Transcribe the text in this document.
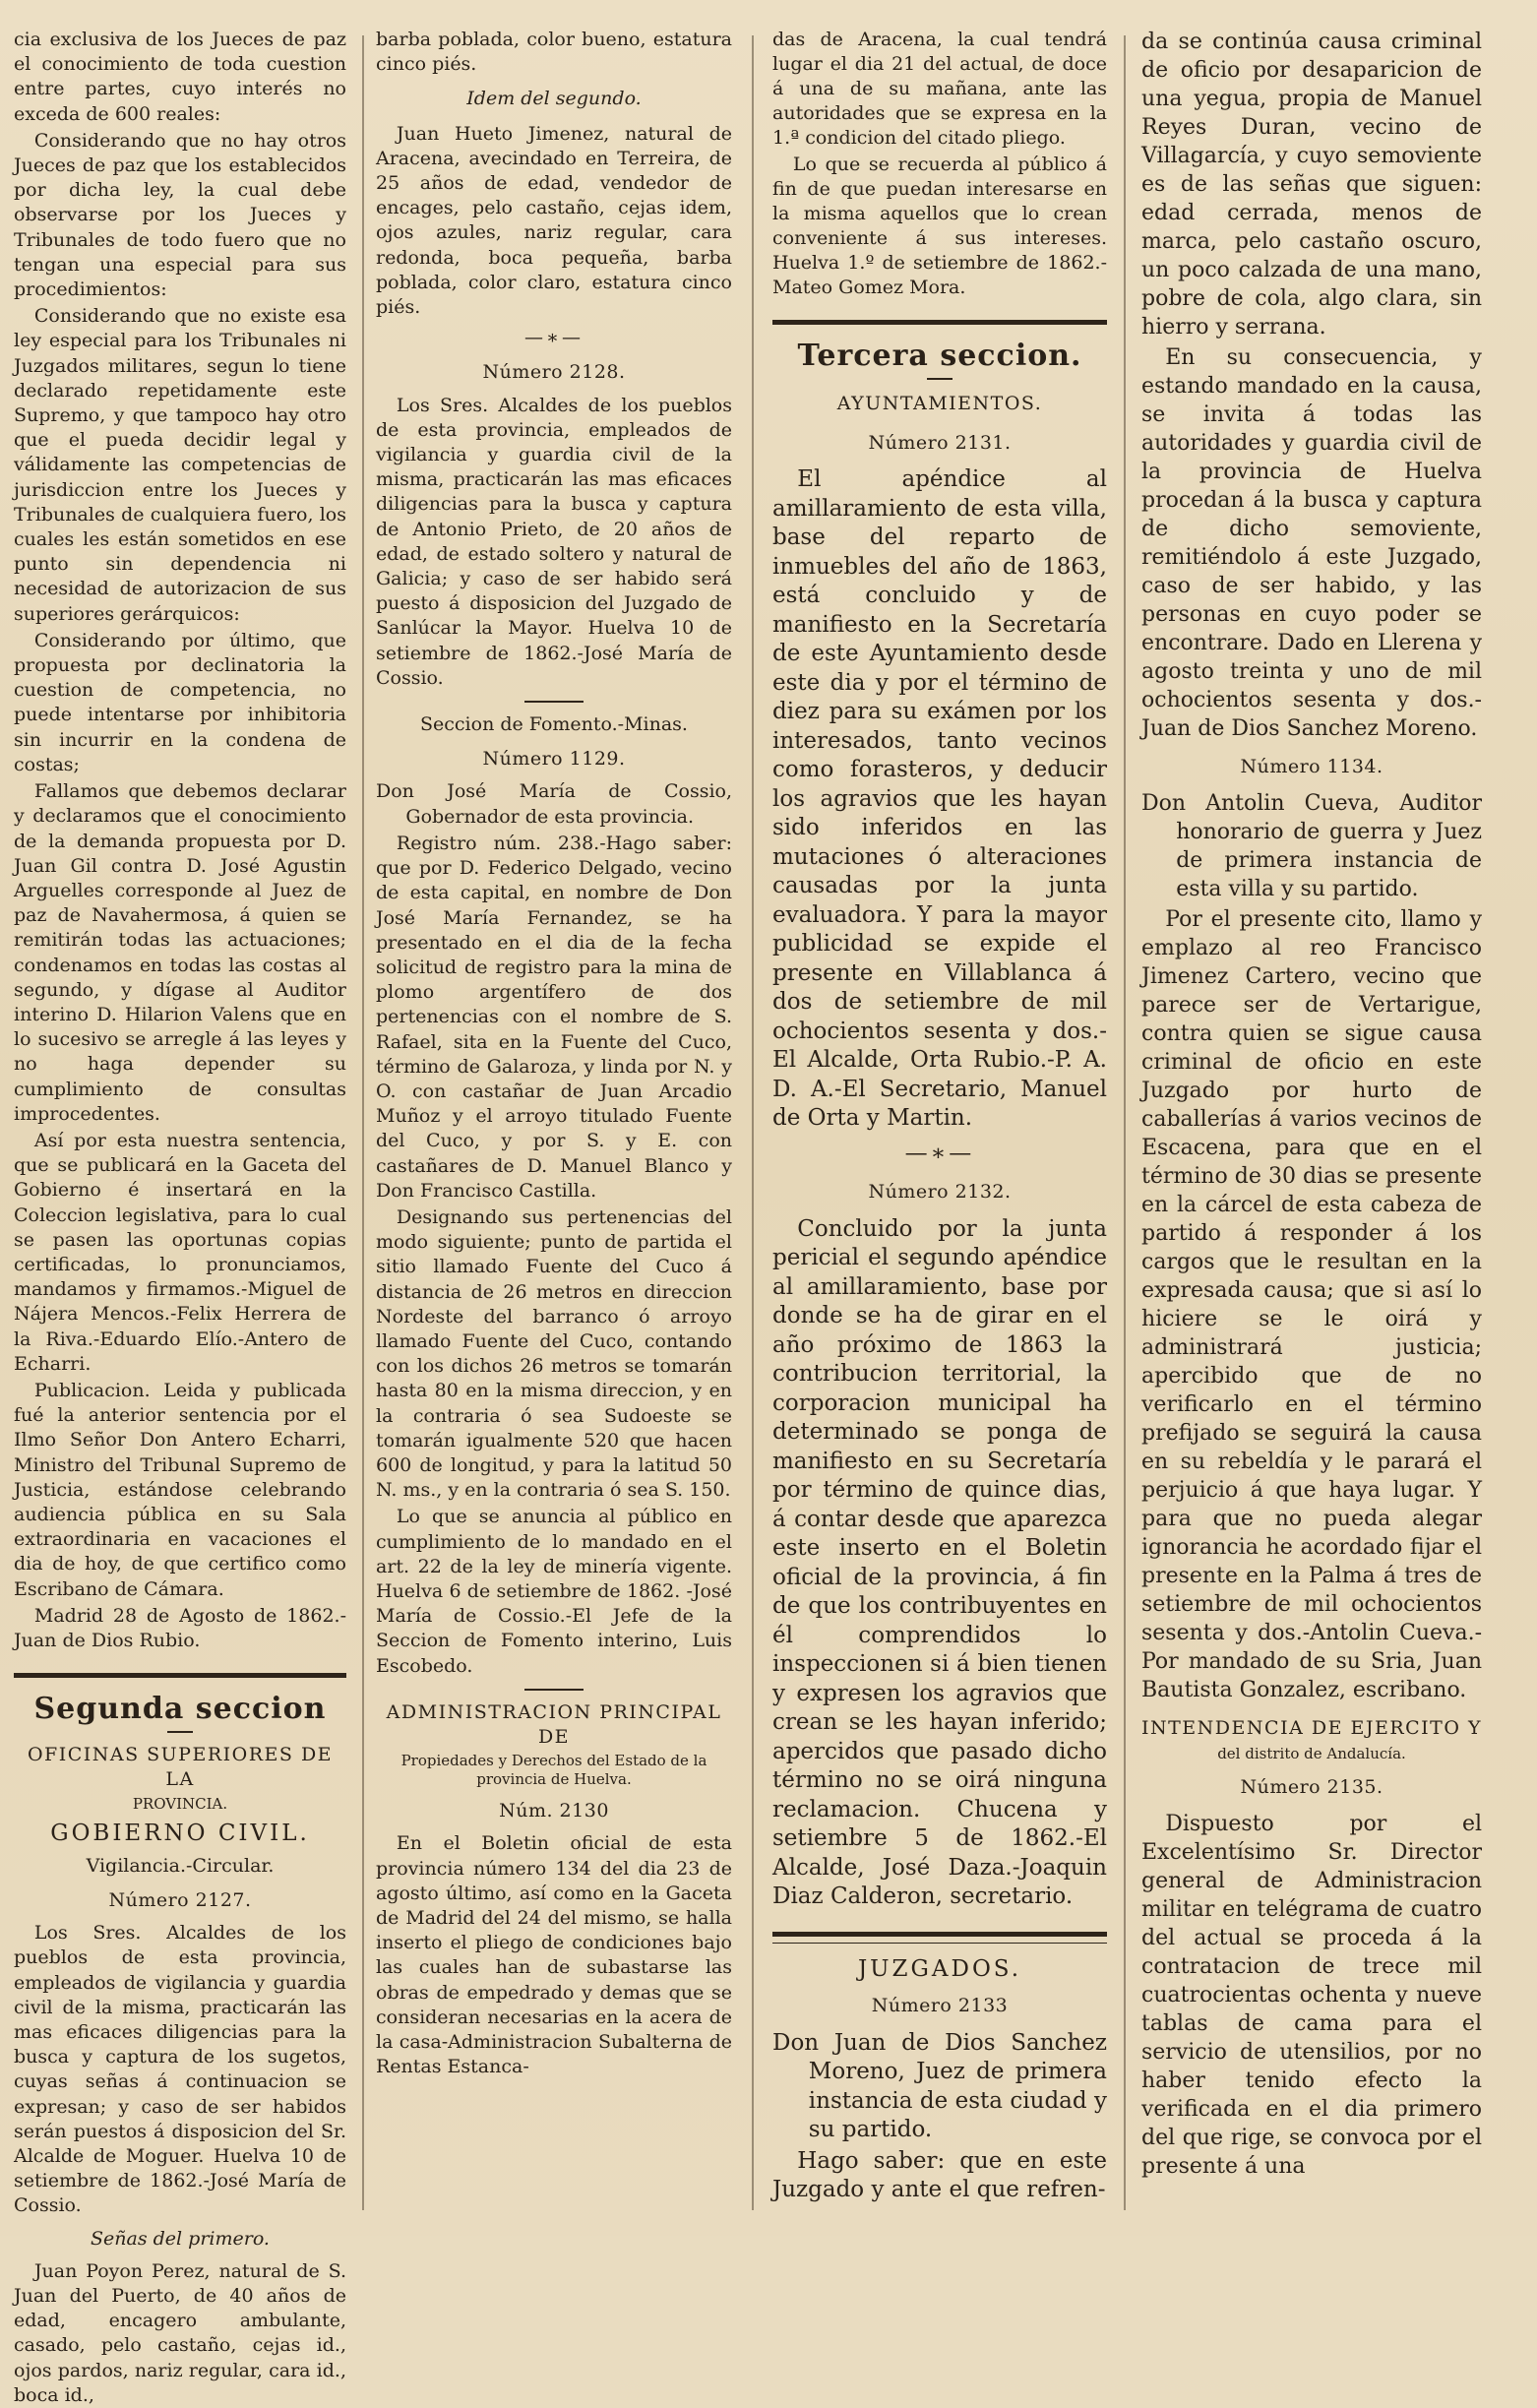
cia exclusiva de los Jueces de paz el conocimiento de toda cuestion entre partes, cuyo interés no exceda de 600 reales:

Considerando que no hay otros Jueces de paz que los establecidos por dicha ley, la cual debe observarse por los Jueces y Tribunales de todo fuero que no tengan una especial para sus procedimientos:

Considerando que no existe esa ley especial para los Tribunales ni Juzgados militares, segun lo tiene declarado repetidamente este Supremo, y que tampoco hay otro que el pueda decidir legal y válidamente las competencias de jurisdiccion entre los Jueces y Tribunales de cualquiera fuero, los cuales les están sometidos en ese punto sin dependencia ni necesidad de autorizacion de sus superiores gerárquicos:

Considerando por último, que propuesta por declinatoria la cuestion de competencia, no puede intentarse por inhibitoria sin incurrir en la condena de costas;

Fallamos que debemos declarar y declaramos que el conocimiento de la demanda propuesta por D. Juan Gil contra D. José Agustin Arguelles corresponde al Juez de paz de Navahermosa, á quien se remitirán todas las actuaciones; condenamos en todas las costas al segundo, y dígase al Auditor interino D. Hilarion Valens que en lo sucesivo se arregle á las leyes y no haga depender su cumplimiento de consultas improcedentes.

Así por esta nuestra sentencia, que se publicará en la Gaceta del Gobierno é insertará en la Coleccion legislativa, para lo cual se pasen las oportunas copias certificadas, lo pronunciamos, mandamos y firmamos.-Miguel de Nájera Mencos.-Felix Herrera de la Riva.-Eduardo Elío.-Antero de Echarri.

Publicacion. Leida y publicada fué la anterior sentencia por el Ilmo Señor Don Antero Echarri, Ministro del Tribunal Supremo de Justicia, estándose celebrando audiencia pública en su Sala extraordinaria en vacaciones el dia de hoy, de que certifico como Escribano de Cámara.

Madrid 28 de Agosto de 1862.-Juan de Dios Rubio.

Segunda seccion
OFICINAS SUPERIORES DE LA
PROVINCIA.
GOBIERNO CIVIL.
Vigilancia.-Circular.
Número 2127.

Los Sres. Alcaldes de los pueblos de esta provincia, empleados de vigilancia y guardia civil de la misma, practicarán las mas eficaces diligencias para la busca y captura de los sugetos, cuyas señas á continuacion se expresan; y caso de ser habidos serán puestos á disposicion del Sr. Alcalde de Moguer. Huelva 10 de setiembre de 1862.-José María de Cossio.

Señas del primero.

Juan Poyon Perez, natural de S. Juan del Puerto, de 40 años de edad, encagero ambulante, casado, pelo castaño, cejas id., ojos pardos, nariz regular, cara id., boca id.,

barba poblada, color bueno, estatura cinco piés.

Idem del segundo.

Juan Hueto Jimenez, natural de Aracena, avecindado en Terreira, de 25 años de edad, vendedor de encages, pelo castaño, cejas idem, ojos azules, nariz regular, cara redonda, boca pequeña, barba poblada, color claro, estatura cinco piés.

—∗—
Número 2128.

Los Sres. Alcaldes de los pueblos de esta provincia, empleados de vigilancia y guardia civil de la misma, practicarán las mas eficaces diligencias para la busca y captura de Antonio Prieto, de 20 años de edad, de estado soltero y natural de Galicia; y caso de ser habido será puesto á disposicion del Juzgado de Sanlúcar la Mayor. Huelva 10 de setiembre de 1862.-José María de Cossio.

Seccion de Fomento.-Minas.
Número 1129.

Don José María de Cossio, Gobernador de esta provincia.

Registro núm. 238.-Hago saber: que por D. Federico Delgado, vecino de esta capital, en nombre de Don José María Fernandez, se ha presentado en el dia de la fecha solicitud de registro para la mina de plomo argentífero de dos pertenencias con el nombre de S. Rafael, sita en la Fuente del Cuco, término de Galaroza, y linda por N. y O. con castañar de Juan Arcadio Muñoz y el arroyo titulado Fuente del Cuco, y por S. y E. con castañares de D. Manuel Blanco y Don Francisco Castilla.

Designando sus pertenencias del modo siguiente; punto de partida el sitio llamado Fuente del Cuco á distancia de 26 metros en direccion Nordeste del barranco ó arroyo llamado Fuente del Cuco, contando con los dichos 26 metros se tomarán hasta 80 en la misma direccion, y en la contraria ó sea Sudoeste se tomarán igualmente 520 que hacen 600 de longitud, y para la latitud 50 N. ms., y en la contraria ó sea S. 150.

Lo que se anuncia al público en cumplimiento de lo mandado en el art. 22 de la ley de minería vigente. Huelva 6 de setiembre de 1862. -José María de Cossio.-El Jefe de la Seccion de Fomento interino, Luis Escobedo.

ADMINISTRACION PRINCIPAL DE
Propiedades y Derechos del Estado de la provincia de Huelva.
Núm. 2130

En el Boletin oficial de esta provincia número 134 del dia 23 de agosto último, así como en la Gaceta de Madrid del 24 del mismo, se halla inserto el pliego de condiciones bajo las cuales han de subastarse las obras de empedrado y demas que se consideran necesarias en la acera de la casa-Administracion Subalterna de Rentas Estanca-

das de Aracena, la cual tendrá lugar el dia 21 del actual, de doce á una de su mañana, ante las autoridades que se expresa en la 1.ª condicion del citado pliego.

Lo que se recuerda al público á fin de que puedan interesarse en la misma aquellos que lo crean conveniente á sus intereses. Huelva 1.º de setiembre de 1862.-Mateo Gomez Mora.

Tercera seccion.
AYUNTAMIENTOS.
Número 2131.

El apéndice al amillaramiento de esta villa, base del reparto de inmuebles del año de 1863, está concluido y de manifiesto en la Secretaría de este Ayuntamiento desde este dia y por el término de diez para su exámen por los interesados, tanto vecinos como forasteros, y deducir los agravios que les hayan sido inferidos en las mutaciones ó alteraciones causadas por la junta evaluadora. Y para la mayor publicidad se expide el presente en Villablanca á dos de setiembre de mil ochocientos sesenta y dos.-El Alcalde, Orta Rubio.-P. A. D. A.-El Secretario, Manuel de Orta y Martin.

—∗—
Número 2132.

Concluido por la junta pericial el segundo apéndice al amillaramiento, base por donde se ha de girar en el año próximo de 1863 la contribucion territorial, la corporacion municipal ha determinado se ponga de manifiesto en su Secretaría por término de quince dias, á contar desde que aparezca este inserto en el Boletin oficial de la provincia, á fin de que los contribuyentes en él comprendidos lo inspeccionen si á bien tienen y expresen los agravios que crean se les hayan inferido; apercidos que pasado dicho término no se oirá ninguna reclamacion. Chucena y setiembre 5 de 1862.-El Alcalde, José Daza.-Joaquin Diaz Calderon, secretario.

JUZGADOS.
Número 2133

Don Juan de Dios Sanchez Moreno, Juez de primera instancia de esta ciudad y su partido.

Hago saber: que en este Juzgado y ante el que refren-

da se continúa causa criminal de oficio por desaparicion de una yegua, propia de Manuel Reyes Duran, vecino de Villagarcía, y cuyo semoviente es de las señas que siguen: edad cerrada, menos de marca, pelo castaño oscuro, un poco calzada de una mano, pobre de cola, algo clara, sin hierro y serrana.

En su consecuencia, y estando mandado en la causa, se invita á todas las autoridades y guardia civil de la provincia de Huelva procedan á la busca y captura de dicho semoviente, remitiéndolo á este Juzgado, caso de ser habido, y las personas en cuyo poder se encontrare. Dado en Llerena y agosto treinta y uno de mil ochocientos sesenta y dos.-Juan de Dios Sanchez Moreno.

Número 1134.

Don Antolin Cueva, Auditor honorario de guerra y Juez de primera instancia de esta villa y su partido.

Por el presente cito, llamo y emplazo al reo Francisco Jimenez Cartero, vecino que parece ser de Vertarigue, contra quien se sigue causa criminal de oficio en este Juzgado por hurto de caballerías á varios vecinos de Escacena, para que en el término de 30 dias se presente en la cárcel de esta cabeza de partido á responder á los cargos que le resultan en la expresada causa; que si así lo hiciere se le oirá y administrará justicia; apercibido que de no verificarlo en el término prefijado se seguirá la causa en su rebeldía y le parará el perjuicio á que haya lugar. Y para que no pueda alegar ignorancia he acordado fijar el presente en la Palma á tres de setiembre de mil ochocientos sesenta y dos.-Antolin Cueva.-Por mandado de su Sria, Juan Bautista Gonzalez, escribano.

INTENDENCIA DE EJERCITO Y
del distrito de Andalucía.
Número 2135.

Dispuesto por el Excelentísimo Sr. Director general de Administracion militar en telégrama de cuatro del actual se proceda á la contratacion de trece mil cuatrocientas ochenta y nueve tablas de cama para el servicio de utensilios, por no haber tenido efecto la verificada en el dia primero del que rige, se convoca por el presente á una
